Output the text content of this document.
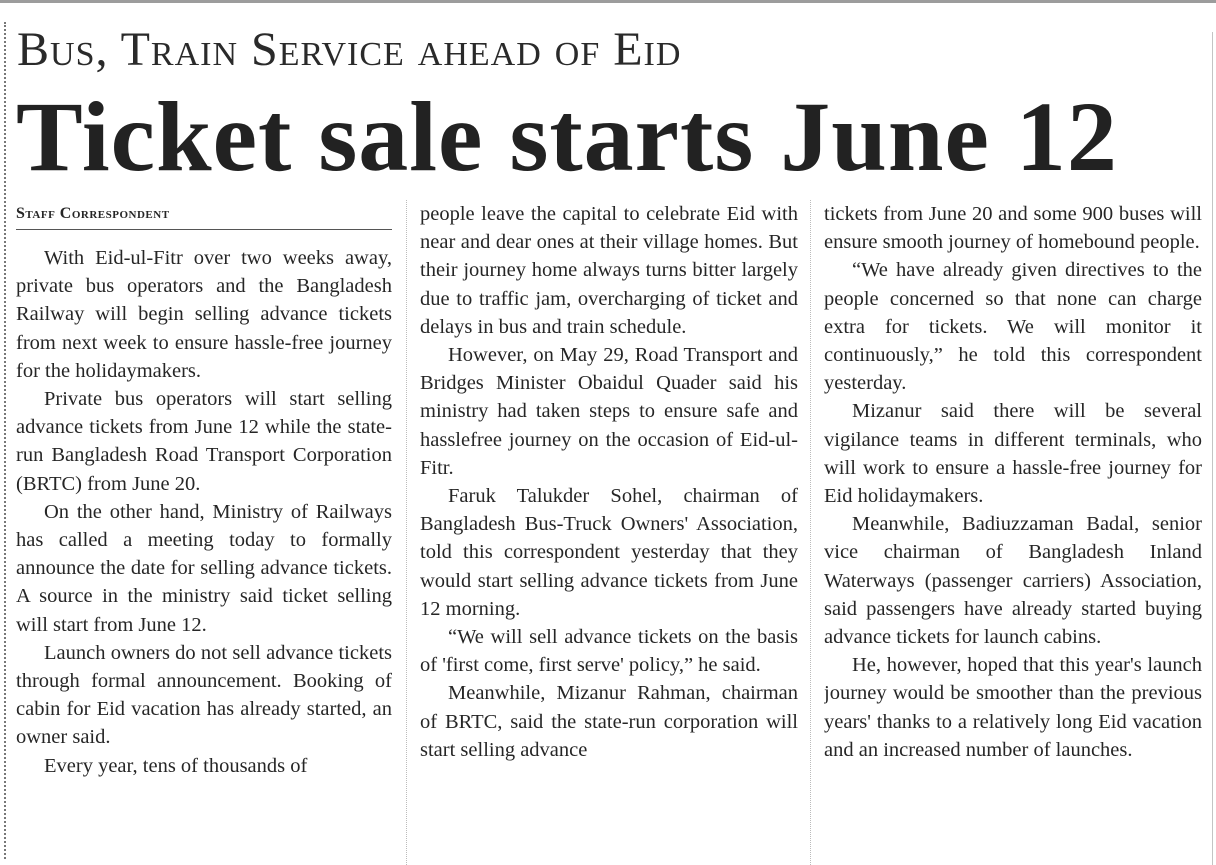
Bus, Train Service ahead of Eid
Ticket sale starts June 12
Staff Correspondent

With Eid-ul-Fitr over two weeks away, private bus operators and the Bangladesh Railway will begin selling advance tickets from next week to ensure hassle-free journey for the holidaymakers.

Private bus operators will start selling advance tickets from June 12 while the state-run Bangladesh Road Transport Corporation (BRTC) from June 20.

On the other hand, Ministry of Railways has called a meeting today to formally announce the date for selling advance tickets. A source in the ministry said ticket selling will start from June 12.

Launch owners do not sell advance tickets through formal announcement. Booking of cabin for Eid vacation has already started, an owner said.

Every year, tens of thousands of

people leave the capital to celebrate Eid with near and dear ones at their village homes. But their journey home always turns bitter largely due to traffic jam, overcharging of ticket and delays in bus and train schedule.

However, on May 29, Road Transport and Bridges Minister Obaidul Quader said his ministry had taken steps to ensure safe and hasslefree journey on the occasion of Eid-ul-Fitr.

Faruk Talukder Sohel, chairman of Bangladesh Bus-Truck Owners' Association, told this correspondent yesterday that they would start selling advance tickets from June 12 morning.

“We will sell advance tickets on the basis of 'first come, first serve' policy,” he said.

Meanwhile, Mizanur Rahman, chairman of BRTC, said the state-run corporation will start selling advance

tickets from June 20 and some 900 buses will ensure smooth journey of homebound people.

“We have already given directives to the people concerned so that none can charge extra for tickets. We will monitor it continuously,” he told this correspondent yesterday.

Mizanur said there will be several vigilance teams in different terminals, who will work to ensure a hassle-free journey for Eid holidaymakers.

Meanwhile, Badiuzzaman Badal, senior vice chairman of Bangladesh Inland Waterways (passenger carriers) Association, said passengers have already started buying advance tickets for launch cabins.

He, however, hoped that this year's launch journey would be smoother than the previous years' thanks to a relatively long Eid vacation and an increased number of launches.
